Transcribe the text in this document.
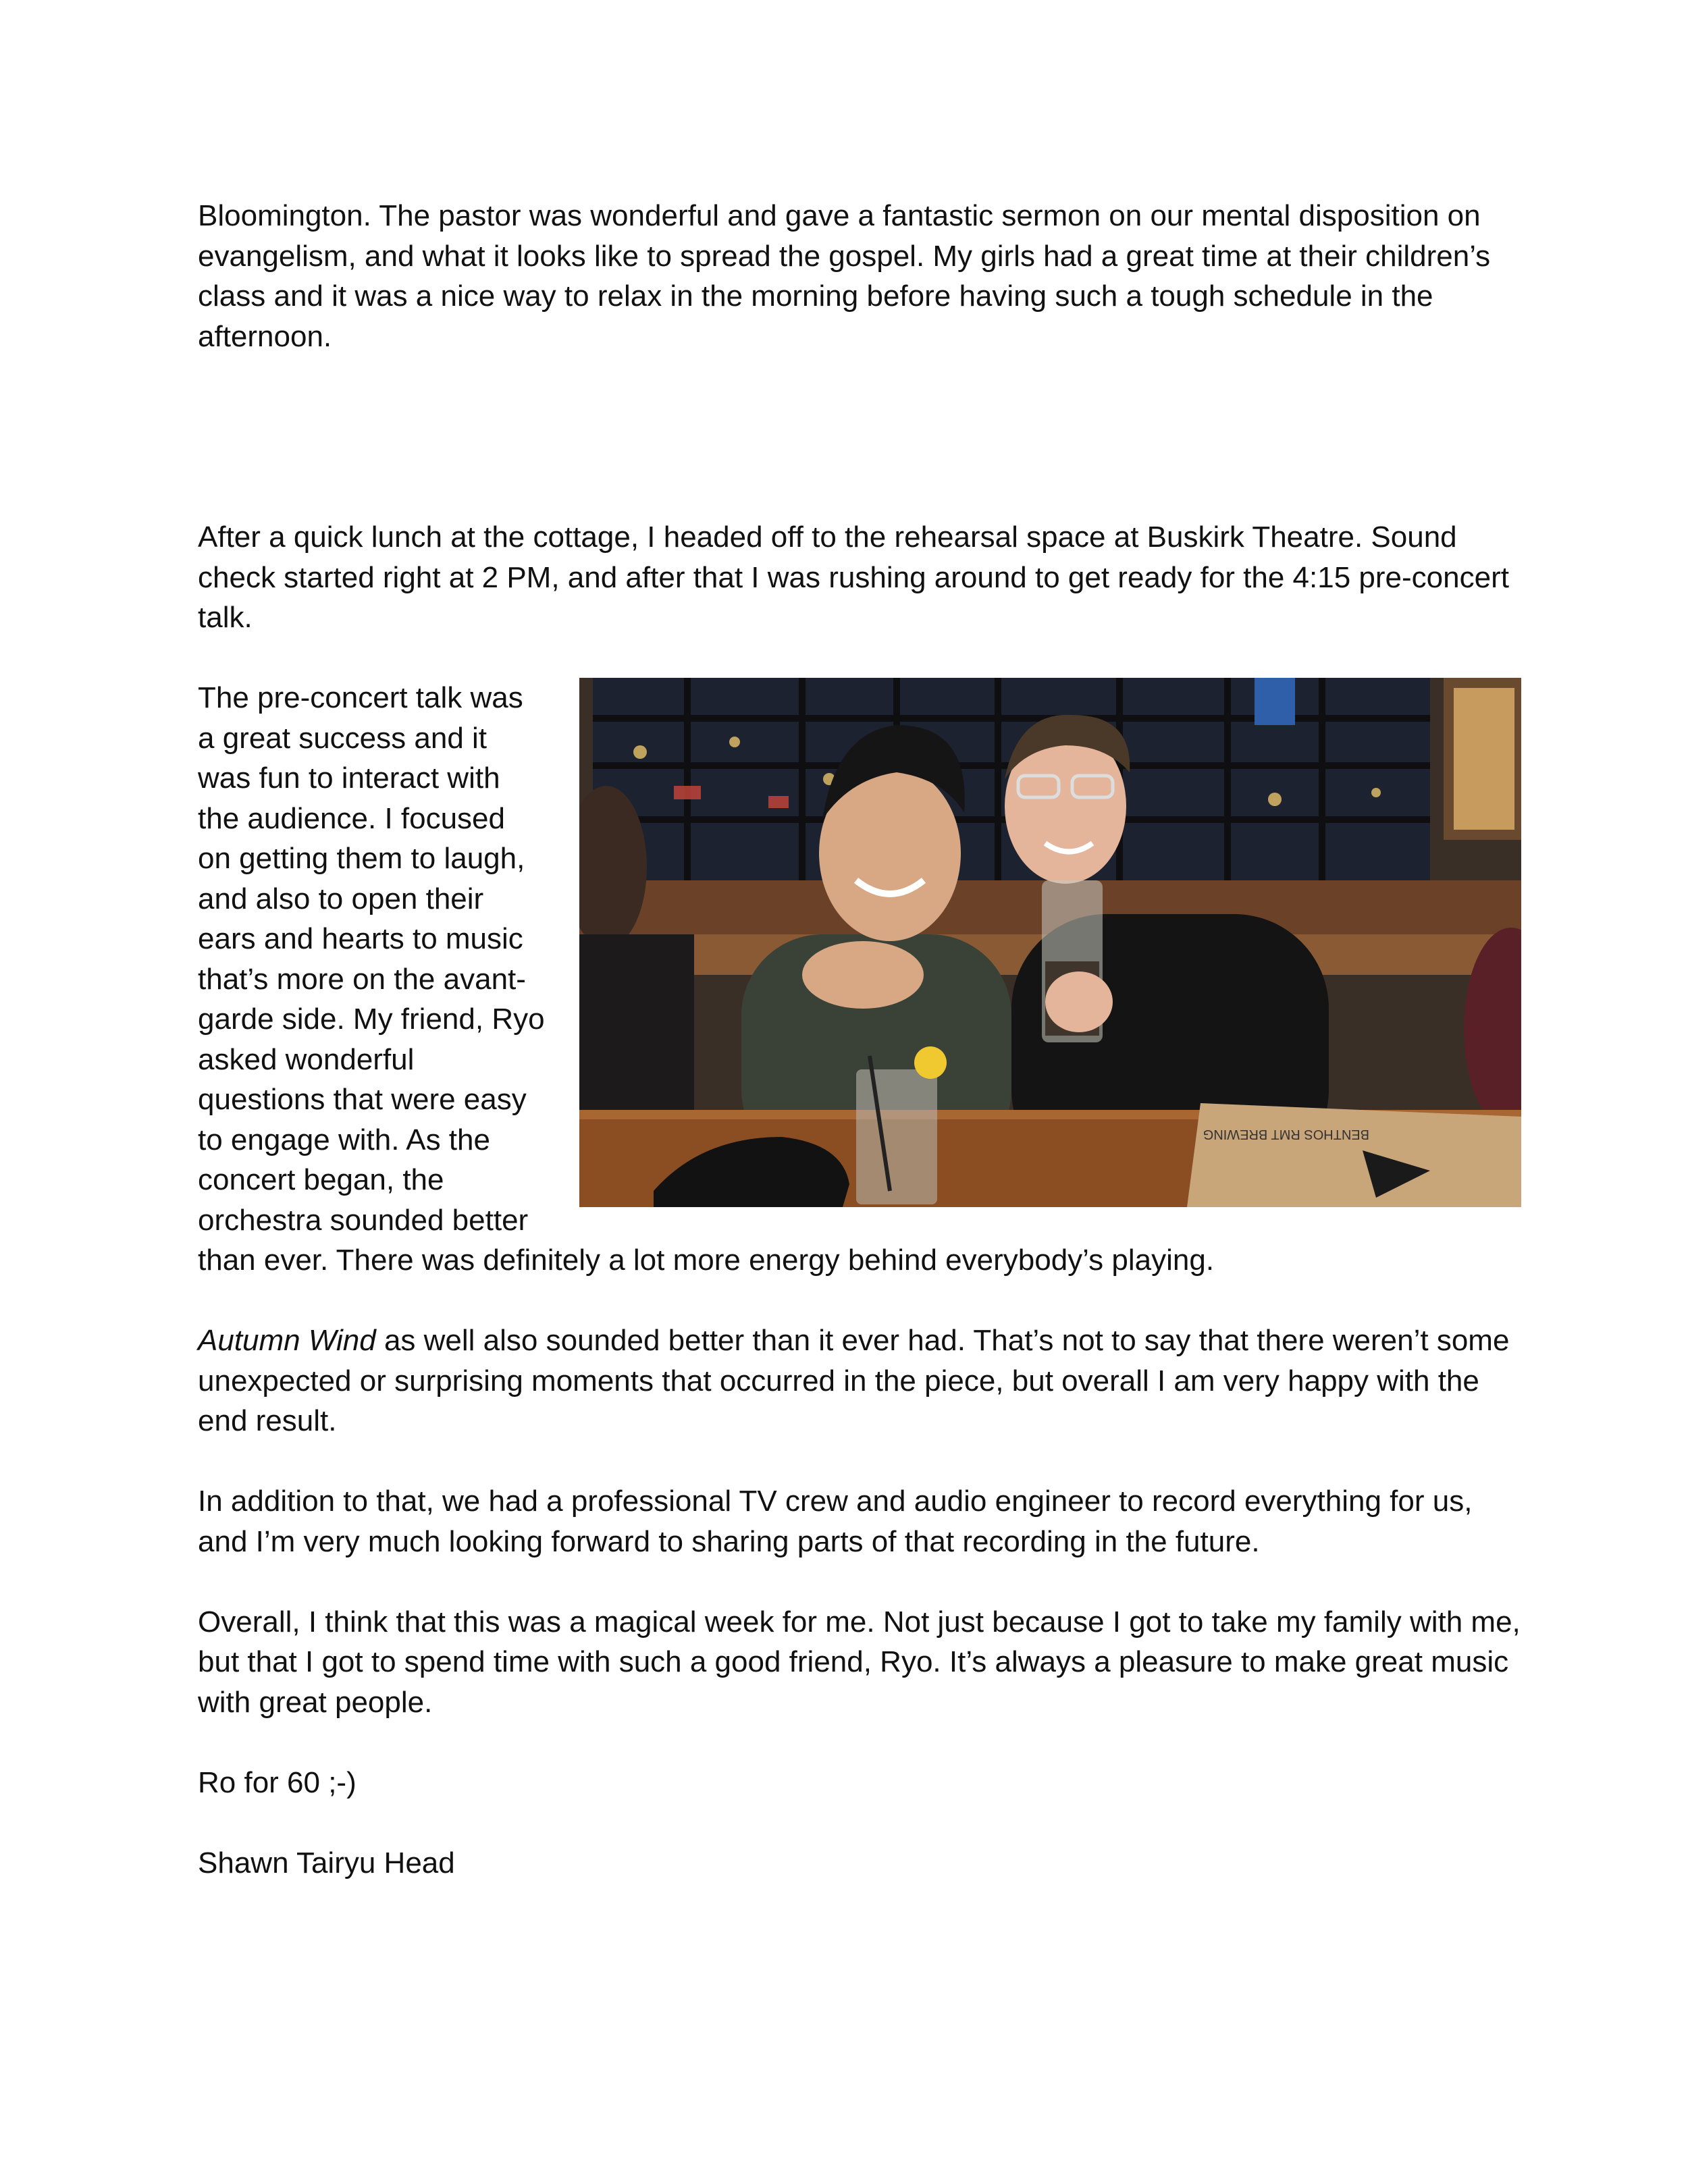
Bloomington. The pastor was wonderful and gave a fantastic sermon on our mental disposition on evangelism, and what it looks like to spread the gospel. My girls had a great time at their children’s class and it was a nice way to relax in the morning before having such a tough schedule in the afternoon.

After a quick lunch at the cottage, I headed off to the rehearsal space at Buskirk Theatre. Sound check started right at 2 PM, and after that I was rushing around to get ready for the 4:15 pre-concert talk.

BENTHOS RMT BREWING
The pre-concert talk was a great success and it was fun to interact with the audience. I focused on getting them to laugh, and also to open their ears and hearts to music that’s more on the avant-garde side. My friend, Ryo asked wonderful questions that were easy to engage with. As the concert began, the orchestra sounded better than ever. There was definitely a lot more energy behind everybody’s playing.

Autumn Wind as well also sounded better than it ever had. That’s not to say that there weren’t some unexpected or surprising moments that occurred in the piece, but overall I am very happy with the end result.

In addition to that, we had a professional TV crew and audio engineer to record everything for us, and I’m very much looking forward to sharing parts of that recording in the future.

Overall, I think that this was a magical week for me. Not just because I got to take my family with me, but that I got to spend time with such a good friend, Ryo. It’s always a pleasure to make great music with great people.

Ro for 60 ;-)

Shawn Tairyu Head
